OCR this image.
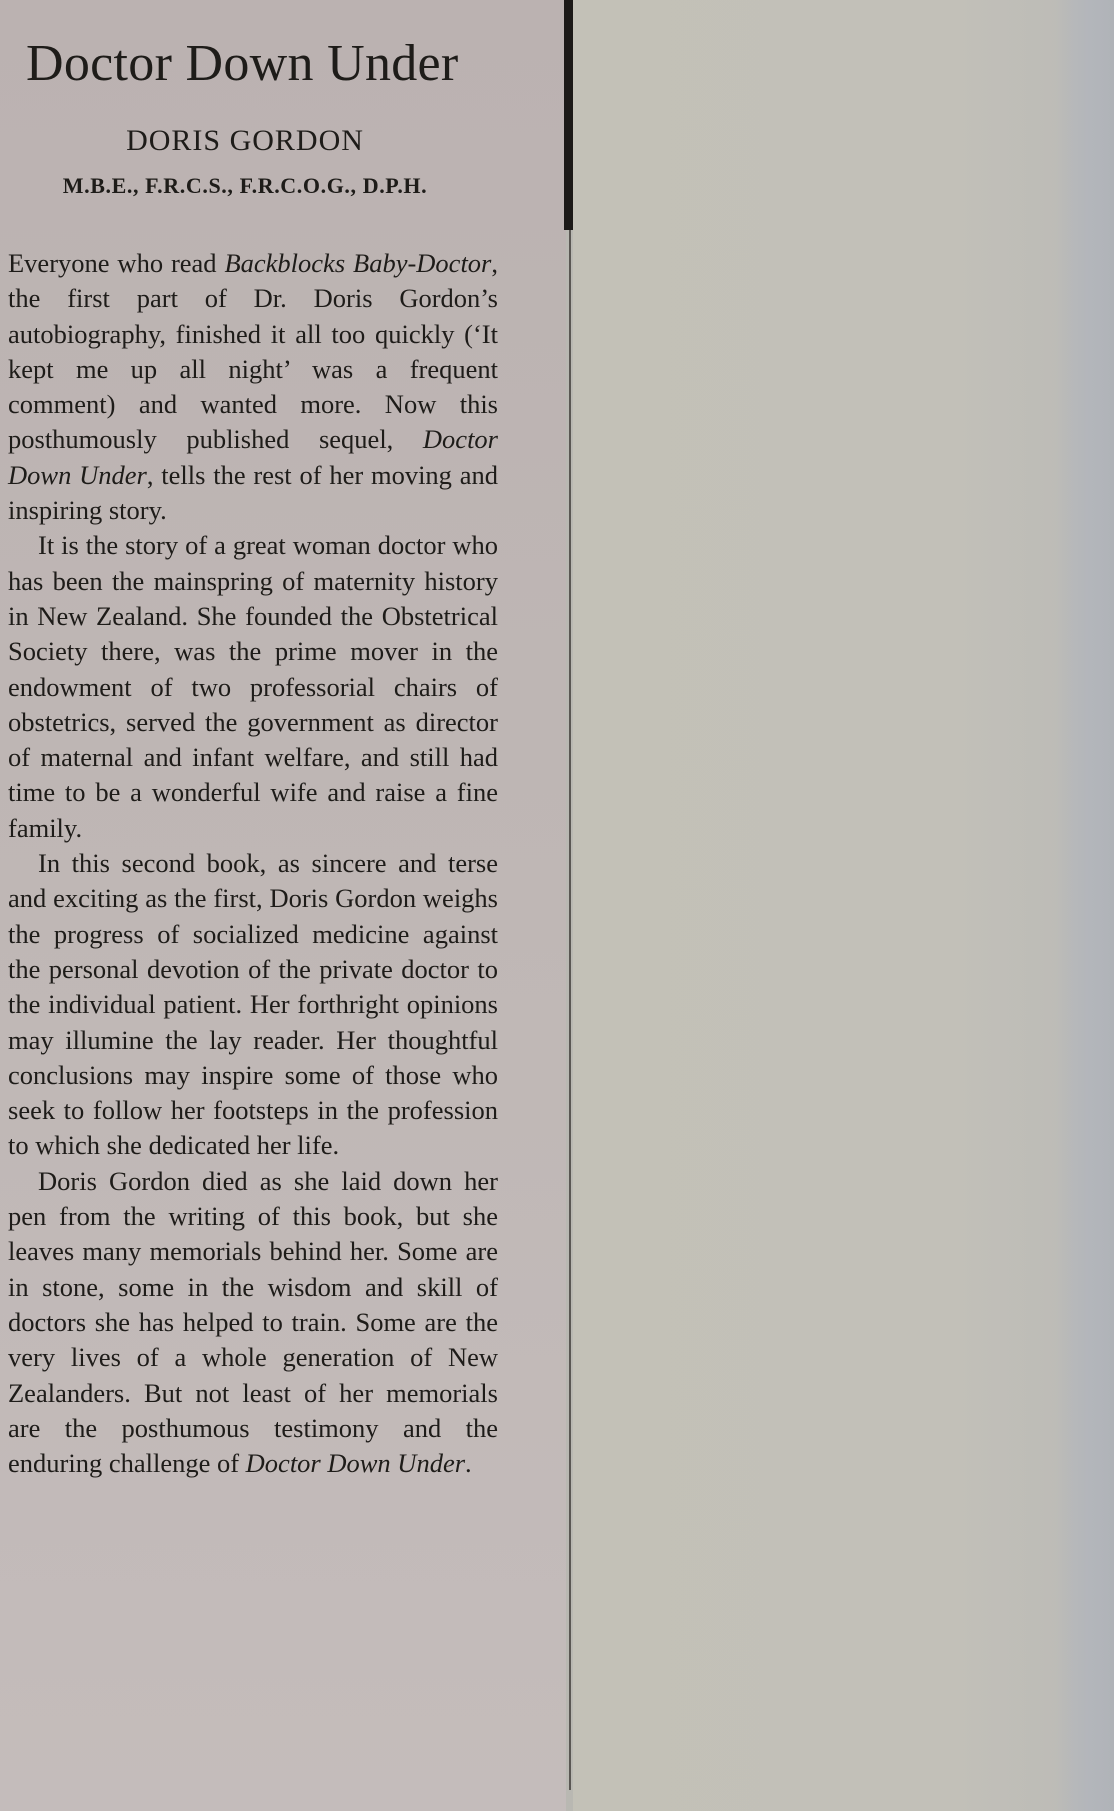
Doctor Down Under
DORIS GORDON
M.B.E., F.R.C.S., F.R.C.O.G., D.P.H.

Everyone who read Backblocks Baby-Doctor, the first part of Dr. Doris Gordon’s autobiography, finished it all too quickly (‘It kept me up all night’ was a frequent comment) and wanted more. Now this posthumously published sequel, Doctor Down Under, tells the rest of her moving and inspiring story.

It is the story of a great woman doctor who has been the mainspring of maternity history in New Zealand. She founded the Obstetrical Society there, was the prime mover in the endowment of two professorial chairs of obstetrics, served the government as director of maternal and infant welfare, and still had time to be a wonderful wife and raise a fine family.

In this second book, as sincere and terse and exciting as the first, Doris Gordon weighs the progress of socialized medicine against the personal devotion of the private doctor to the individual patient. Her forthright opinions may illumine the lay reader. Her thoughtful conclusions may inspire some of those who seek to follow her footsteps in the profession to which she dedicated her life.

Doris Gordon died as she laid down her pen from the writing of this book, but she leaves many memorials behind her. Some are in stone, some in the wisdom and skill of doctors she has helped to train. Some are the very lives of a whole generation of New Zealanders. But not least of her memorials are the posthumous testimony and the enduring challenge of Doctor Down Under.
